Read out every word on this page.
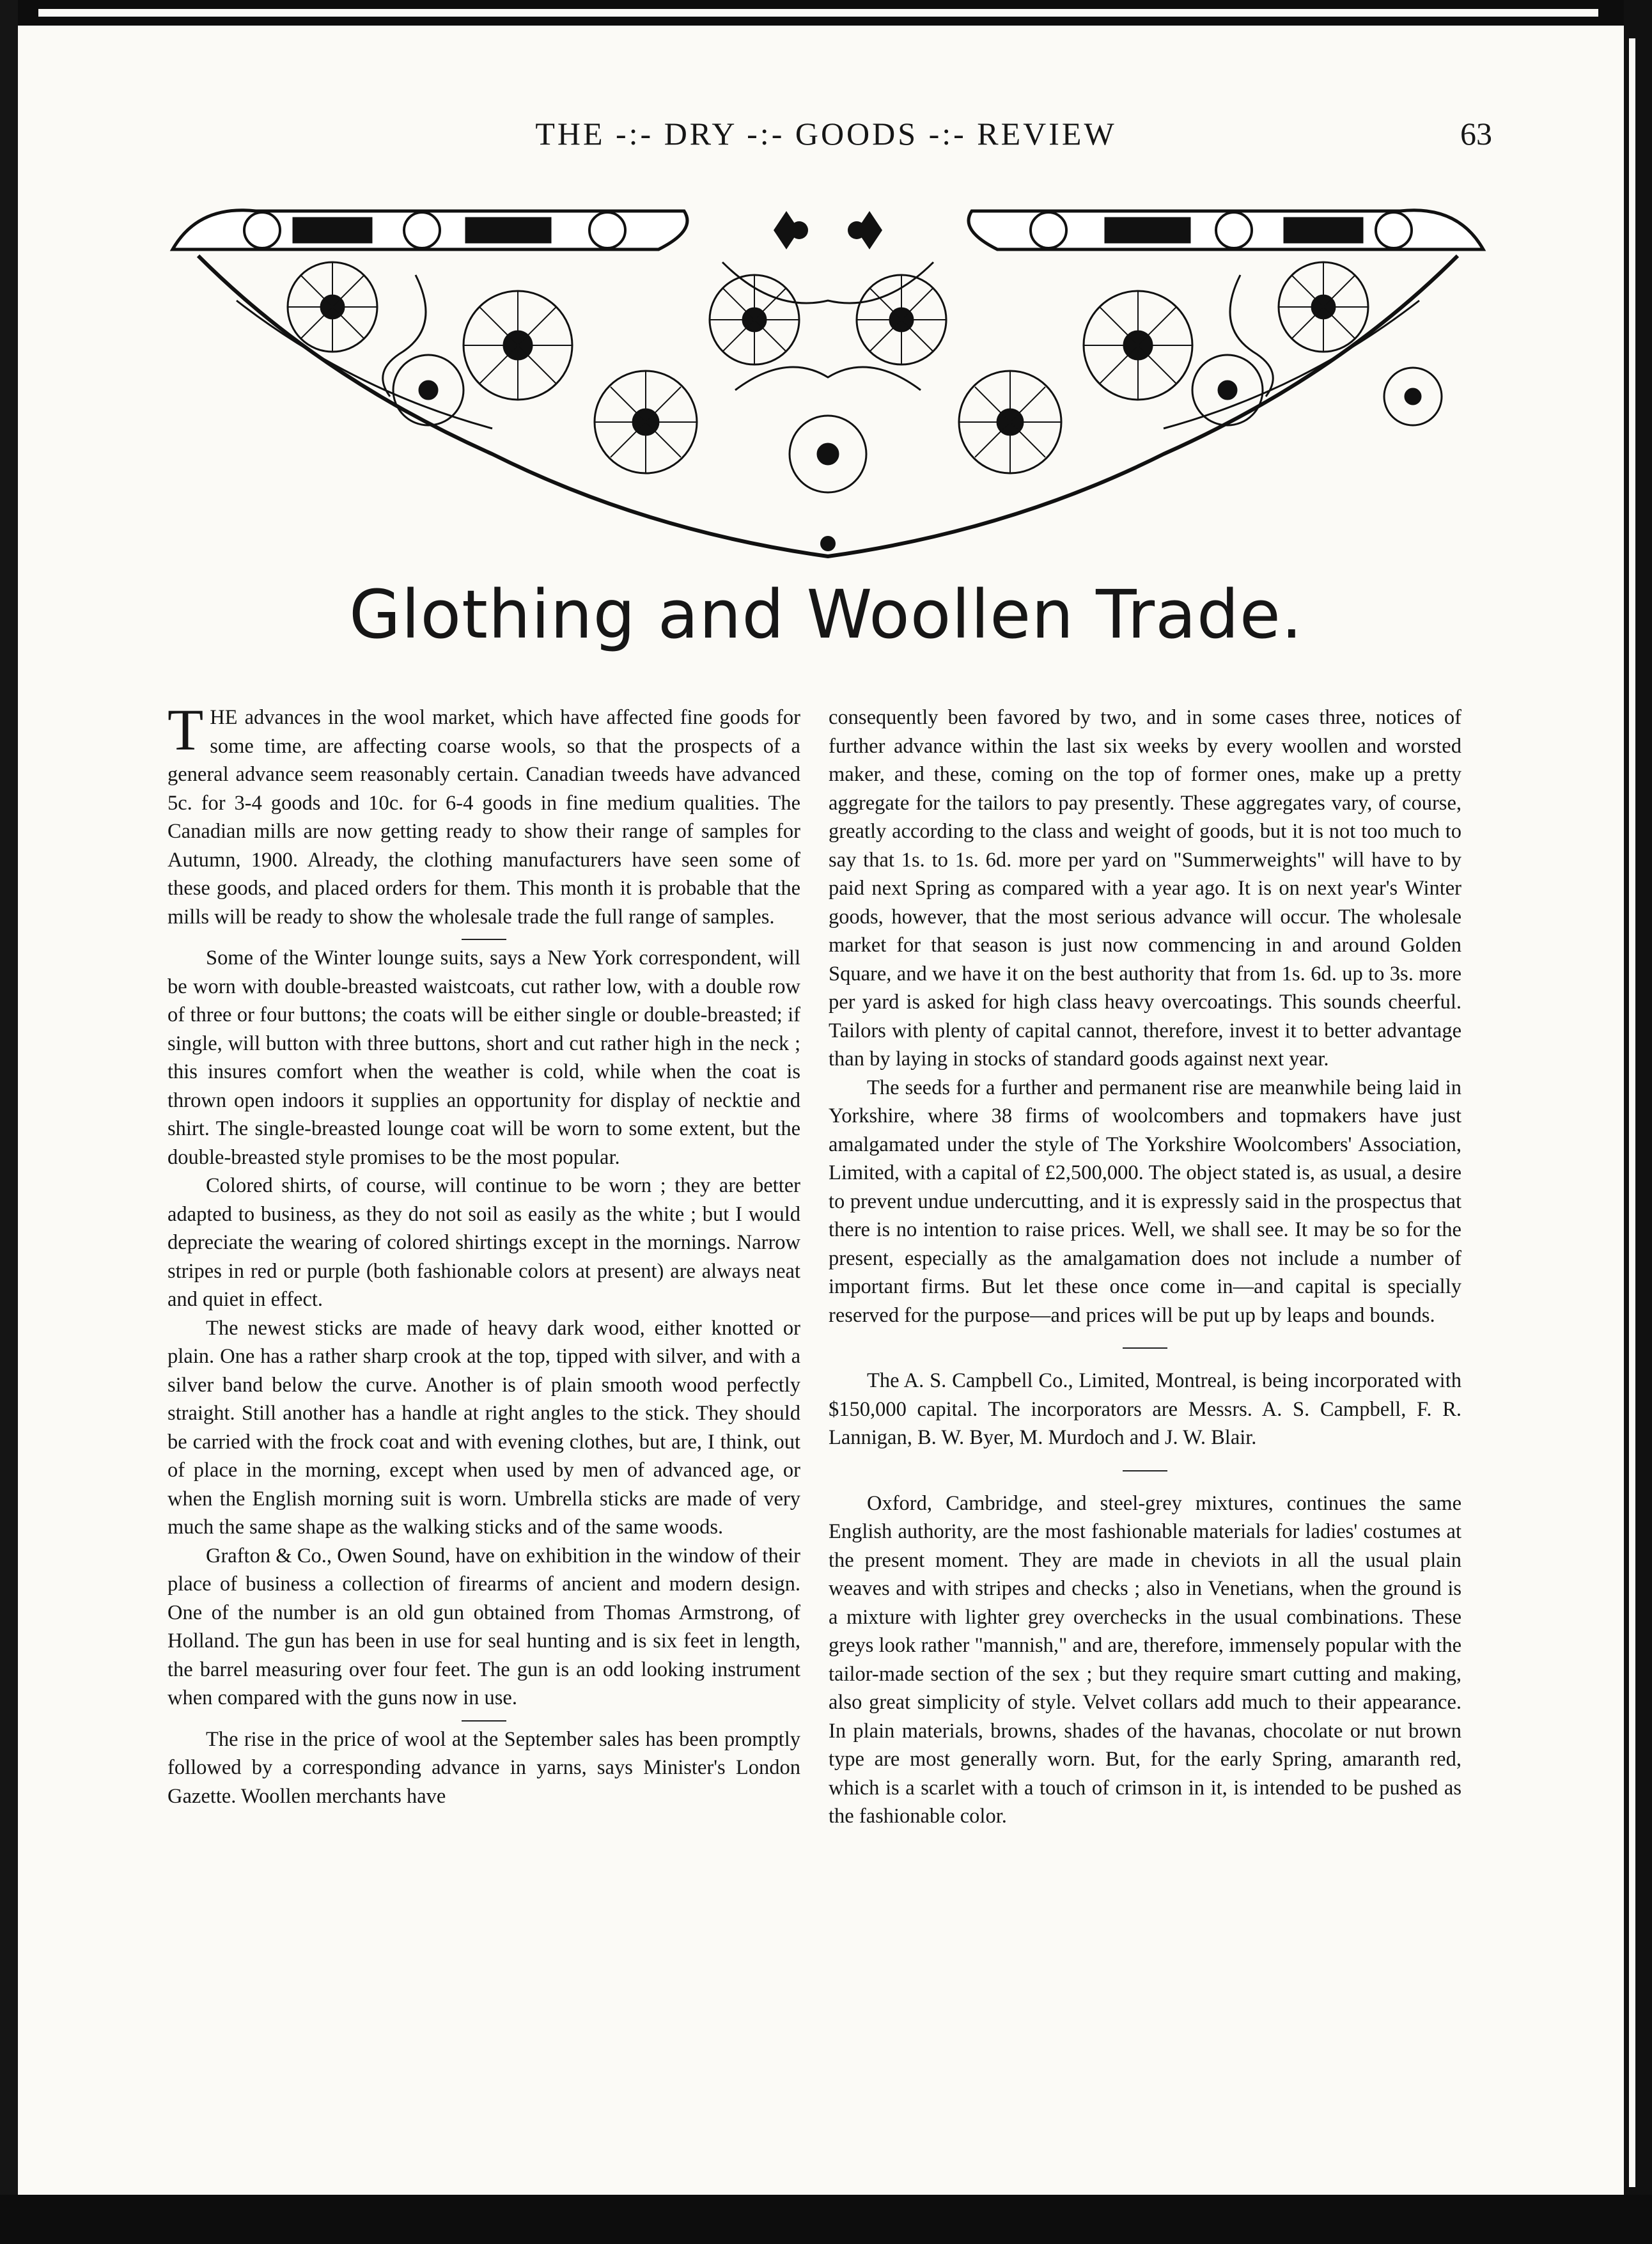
THE -:- DRY -:- GOODS -:- REVIEW	63
Glothing and Woollen Trade.

THE advances in the wool market, which have affected fine goods for some time, are affecting coarse wools, so that the prospects of a general advance seem reasonably certain. Canadian tweeds have advanced 5c. for 3-4 goods and 10c. for 6-4 goods in fine medium qualities. The Canadian mills are now getting ready to show their range of samples for Autumn, 1900. Already, the clothing manufacturers have seen some of these goods, and placed orders for them. This month it is probable that the mills will be ready to show the wholesale trade the full range of samples.

Some of the Winter lounge suits, says a New York correspondent, will be worn with double-breasted waistcoats, cut rather low, with a double row of three or four buttons; the coats will be either single or double-breasted; if single, will button with three buttons, short and cut rather high in the neck ; this insures comfort when the weather is cold, while when the coat is thrown open indoors it supplies an opportunity for display of necktie and shirt. The single-breasted lounge coat will be worn to some extent, but the double-breasted style promises to be the most popular.

Colored shirts, of course, will continue to be worn ; they are better adapted to business, as they do not soil as easily as the white ; but I would depreciate the wearing of colored shirtings except in the mornings. Narrow stripes in red or purple (both fashionable colors at present) are always neat and quiet in effect.

The newest sticks are made of heavy dark wood, either knotted or plain. One has a rather sharp crook at the top, tipped with silver, and with a silver band below the curve. Another is of plain smooth wood perfectly straight. Still another has a handle at right angles to the stick. They should be carried with the frock coat and with evening clothes, but are, I think, out of place in the morning, except when used by men of advanced age, or when the English morning suit is worn. Umbrella sticks are made of very much the same shape as the walking sticks and of the same woods.

Grafton & Co., Owen Sound, have on exhibition in the window of their place of business a collection of firearms of ancient and modern design. One of the number is an old gun obtained from Thomas Armstrong, of Holland. The gun has been in use for seal hunting and is six feet in length, the barrel measuring over four feet. The gun is an odd looking instrument when compared with the guns now in use.

The rise in the price of wool at the September sales has been promptly followed by a corresponding advance in yarns, says Minister's London Gazette. Woollen merchants have

consequently been favored by two, and in some cases three, notices of further advance within the last six weeks by every woollen and worsted maker, and these, coming on the top of former ones, make up a pretty aggregate for the tailors to pay presently. These aggregates vary, of course, greatly according to the class and weight of goods, but it is not too much to say that 1s. to 1s. 6d. more per yard on "Summerweights" will have to by paid next Spring as compared with a year ago. It is on next year's Winter goods, however, that the most serious advance will occur. The wholesale market for that season is just now commencing in and around Golden Square, and we have it on the best authority that from 1s. 6d. up to 3s. more per yard is asked for high class heavy overcoatings. This sounds cheerful. Tailors with plenty of capital cannot, therefore, invest it to better advantage than by laying in stocks of standard goods against next year.

The seeds for a further and permanent rise are meanwhile being laid in Yorkshire, where 38 firms of woolcombers and topmakers have just amalgamated under the style of The Yorkshire Woolcombers' Association, Limited, with a capital of £2,500,000. The object stated is, as usual, a desire to prevent undue undercutting, and it is expressly said in the prospectus that there is no intention to raise prices. Well, we shall see. It may be so for the present, especially as the amalgamation does not include a number of important firms. But let these once come in—and capital is specially reserved for the purpose—and prices will be put up by leaps and bounds.

The A. S. Campbell Co., Limited, Montreal, is being incorporated with $150,000 capital. The incorporators are Messrs. A. S. Campbell, F. R. Lannigan, B. W. Byer, M. Murdoch and J. W. Blair.

Oxford, Cambridge, and steel-grey mixtures, continues the same English authority, are the most fashionable materials for ladies' costumes at the present moment. They are made in cheviots in all the usual plain weaves and with stripes and checks ; also in Venetians, when the ground is a mixture with lighter grey overchecks in the usual combinations. These greys look rather "mannish," and are, therefore, immensely popular with the tailor-made section of the sex ; but they require smart cutting and making, also great simplicity of style. Velvet collars add much to their appearance. In plain materials, browns, shades of the havanas, chocolate or nut brown type are most generally worn. But, for the early Spring, amaranth red, which is a scarlet with a touch of crimson in it, is intended to be pushed as the fashionable color.
